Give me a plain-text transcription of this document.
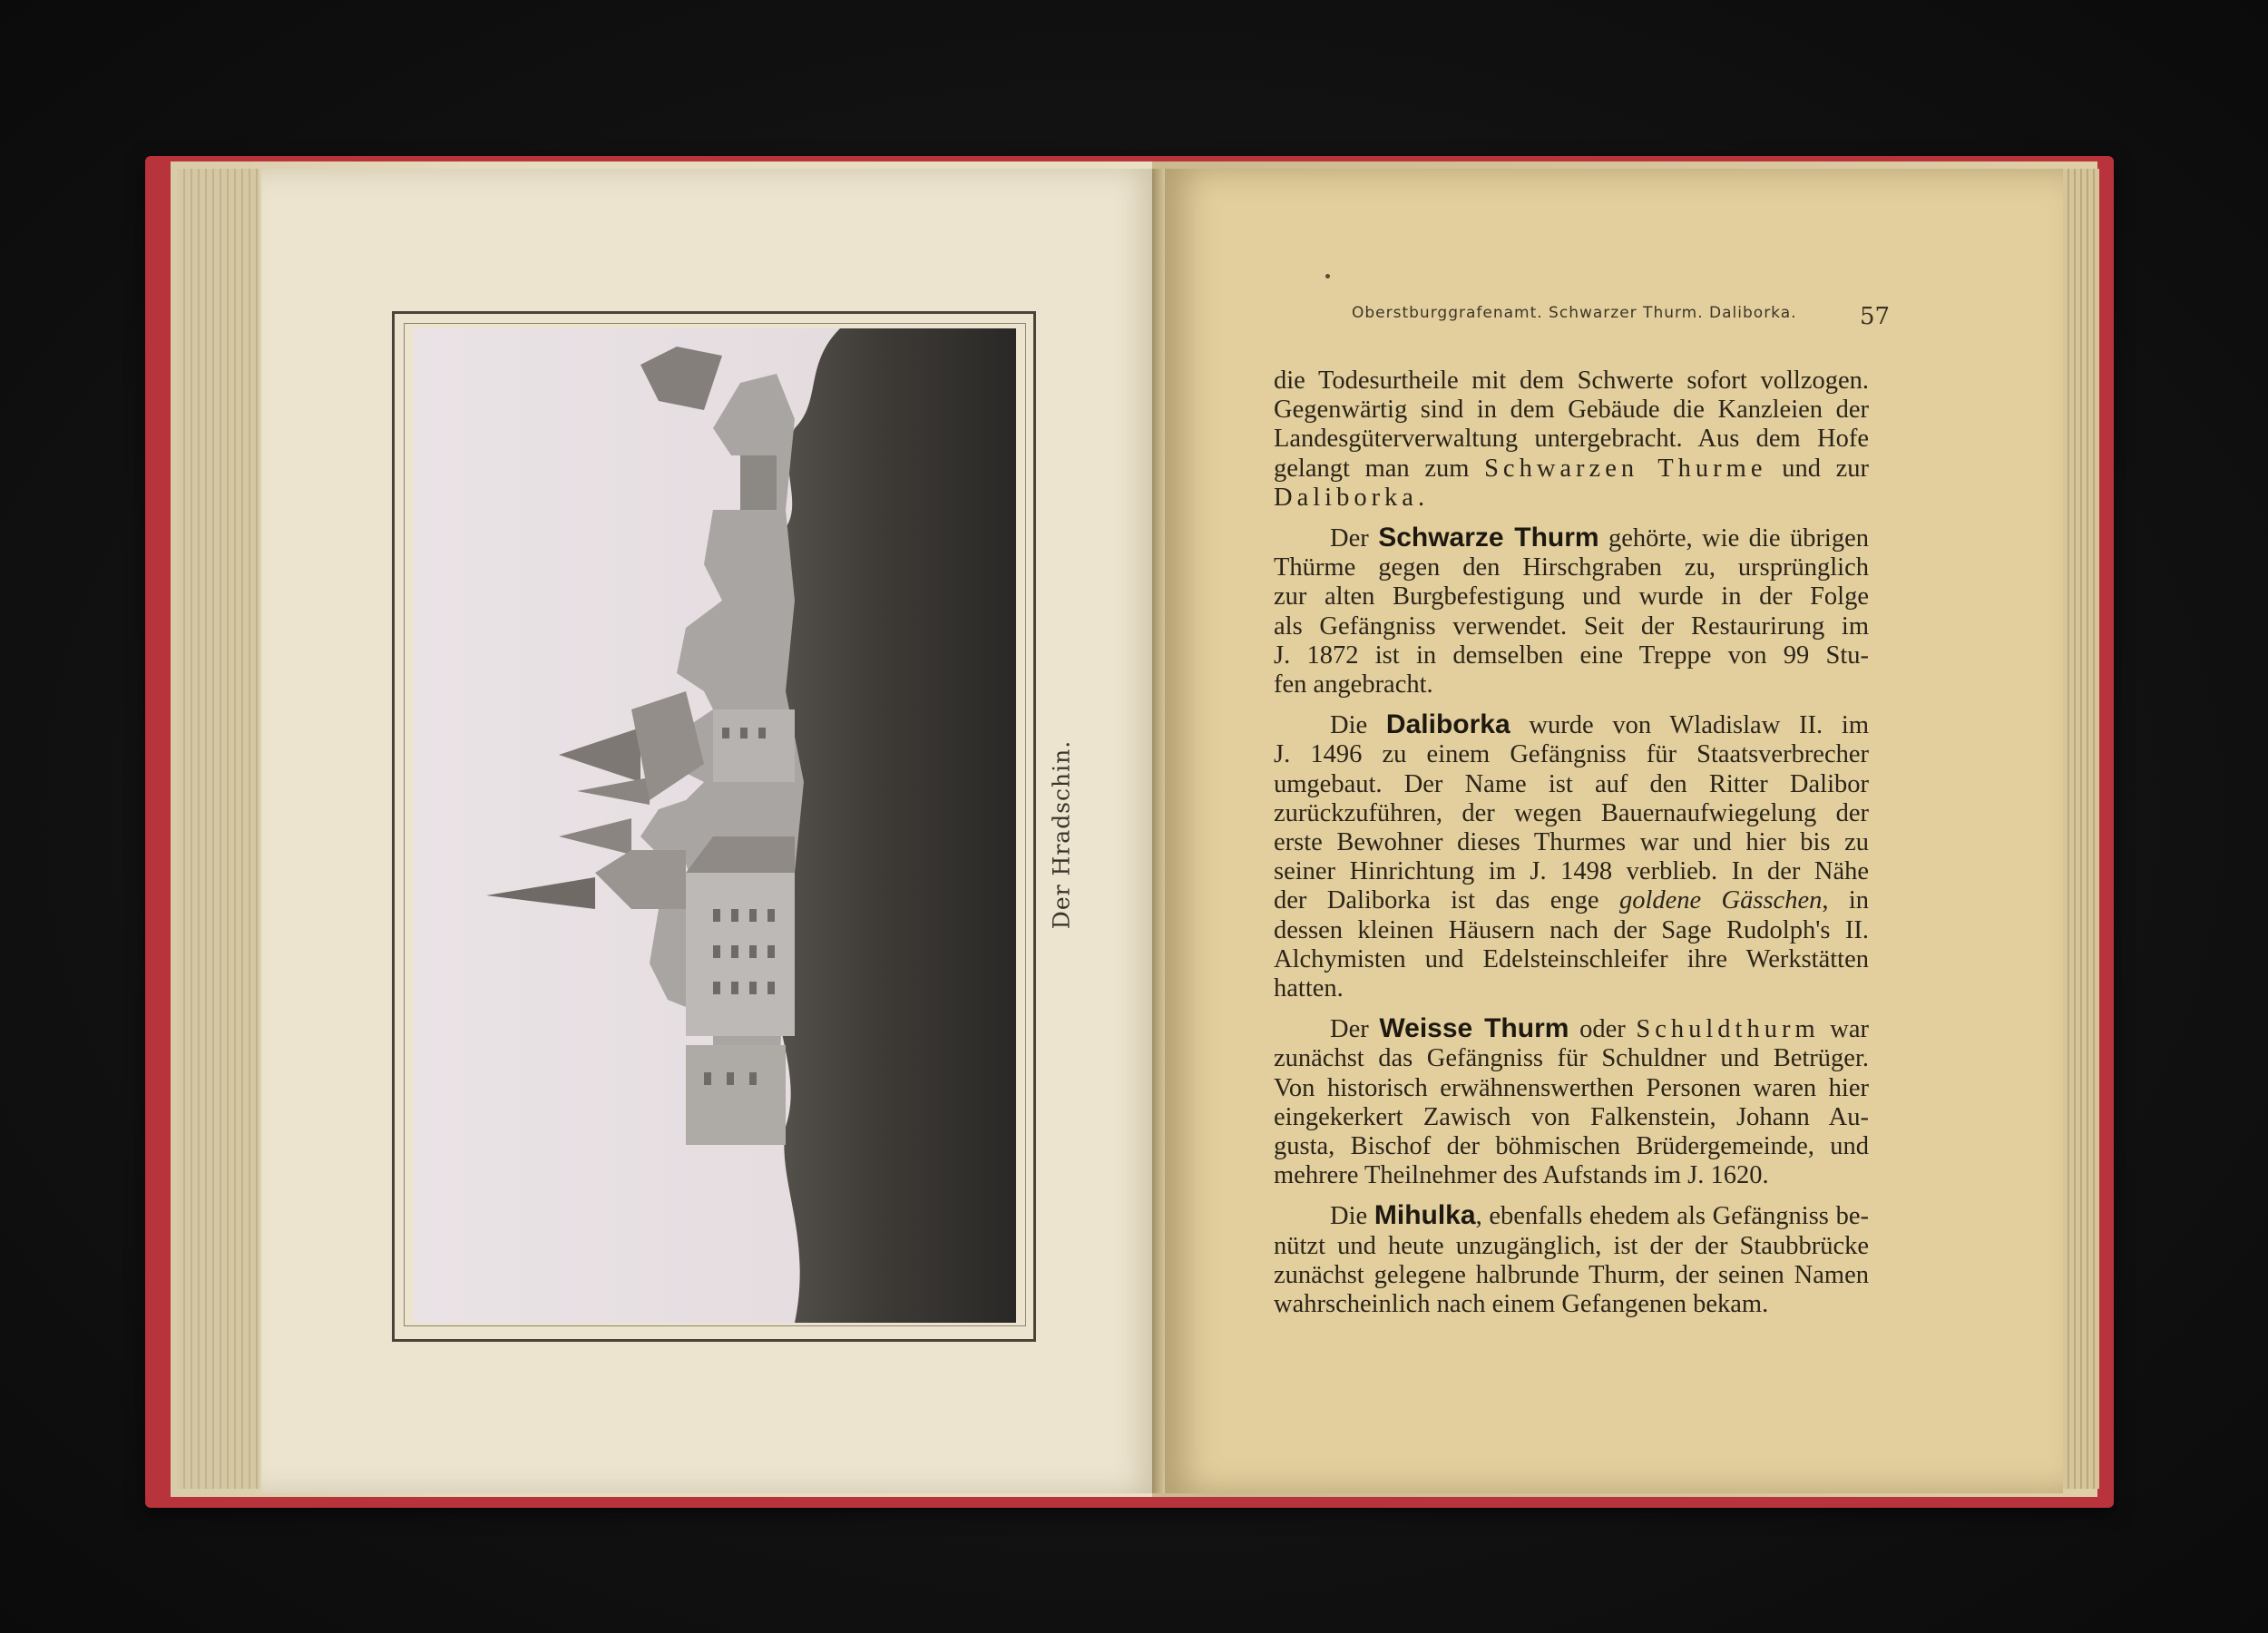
Der Hradschin.
Oberstburggrafenamt. Schwarzer Thurm. Daliborka.	57

die Todesurtheile mit dem Schwerte sofort vollzogen.
Gegenwärtig sind in dem Gebäude die Kanzleien der
Landesgüterverwaltung untergebracht. Aus dem Hofe
gelangt man zum Schwarzen Thurme und zur
Daliborka.

Der Schwarze Thurm gehörte, wie die übrigen
Thürme gegen den Hirschgraben zu, ursprünglich
zur alten Burgbefestigung und wurde in der Folge
als Gefängniss verwendet. Seit der Restaurirung im
J. 1872 ist in demselben eine Treppe von 99 Stu-
fen angebracht.

Die Daliborka wurde von Wladislaw II. im
J. 1496 zu einem Gefängniss für Staatsverbrecher
umgebaut. Der Name ist auf den Ritter Dalibor
zurückzuführen, der wegen Bauernaufwiegelung der
erste Bewohner dieses Thurmes war und hier bis zu
seiner Hinrichtung im J. 1498 verblieb. In der Nähe
der Daliborka ist das enge goldene Gässchen, in
dessen kleinen Häusern nach der Sage Rudolph's II.
Alchymisten und Edelsteinschleifer ihre Werkstätten
hatten.

Der Weisse Thurm oder Schuldthurm war
zunächst das Gefängniss für Schuldner und Betrüger.
Von historisch erwähnenswerthen Personen waren hier
eingekerkert Zawisch von Falkenstein, Johann Au-
gusta, Bischof der böhmischen Brüdergemeinde, und
mehrere Theilnehmer des Aufstands im J. 1620.

Die Mihulka, ebenfalls ehedem als Gefängniss be-
nützt und heute unzugänglich, ist der der Staubbrücke
zunächst gelegene halbrunde Thurm, der seinen Namen
wahrscheinlich nach einem Gefangenen bekam.
